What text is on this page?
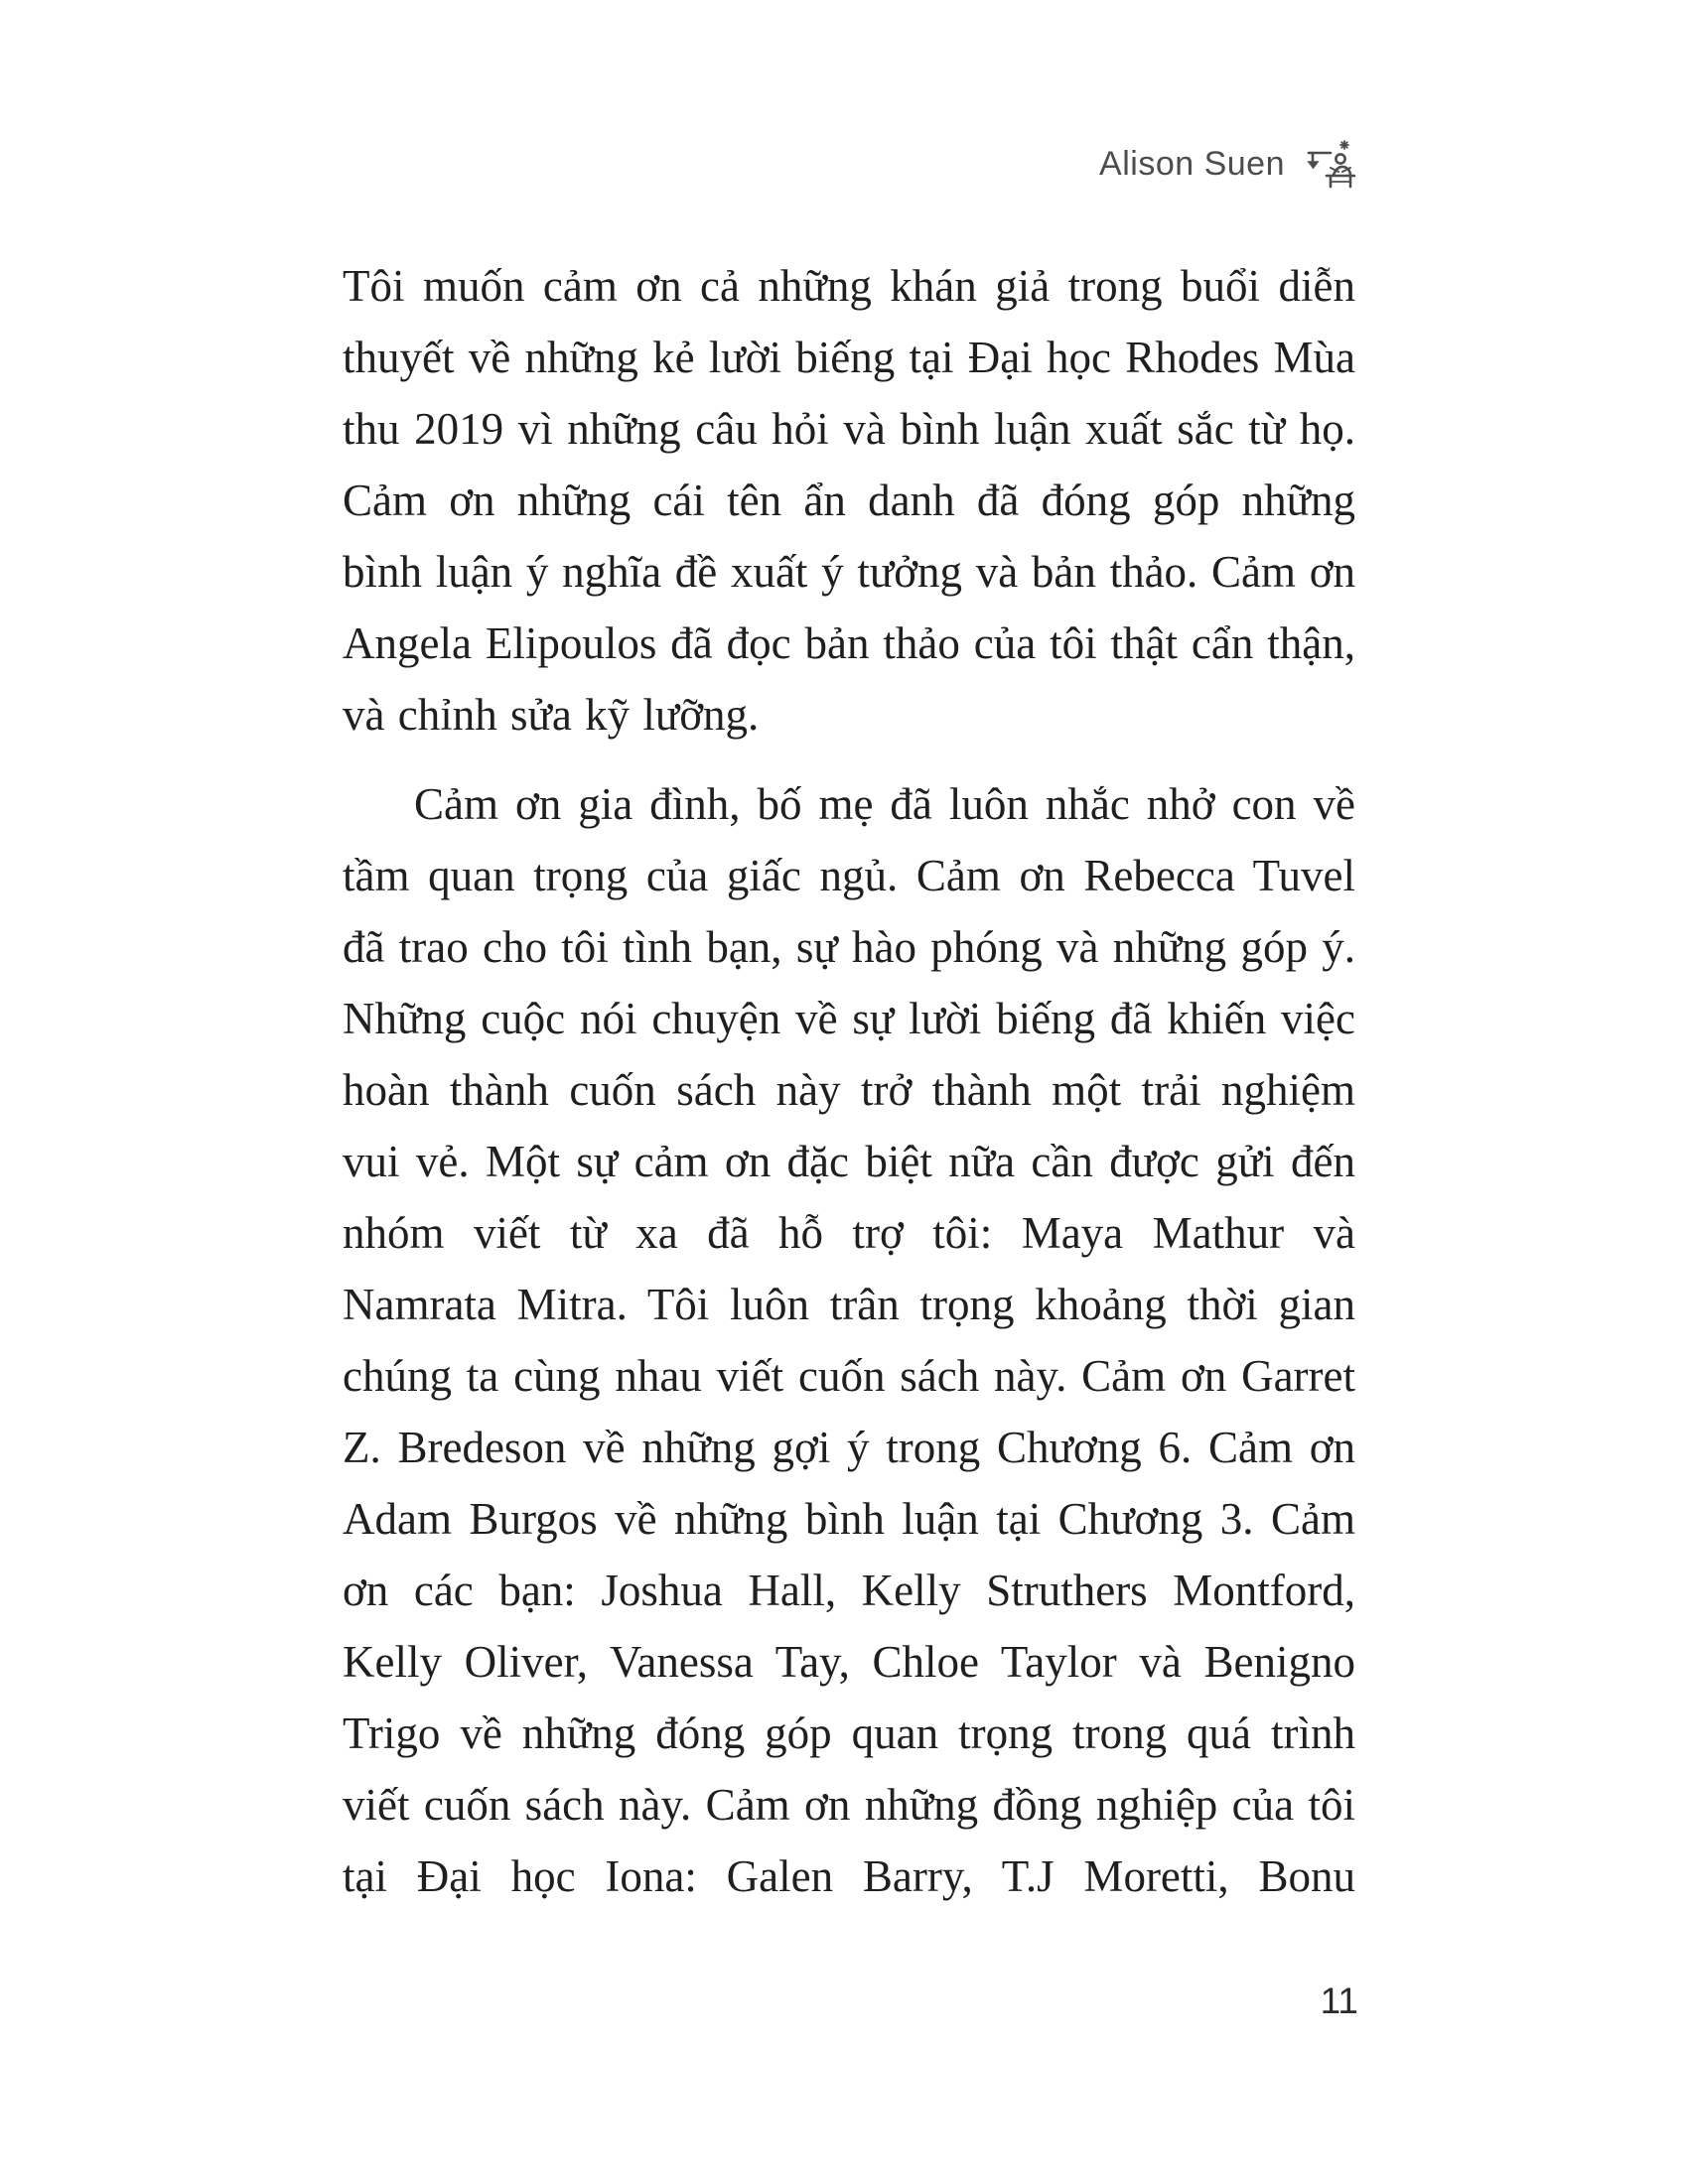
Alison Suen

Tôi muốn cảm ơn cả những khán giả trong buổi diễn thuyết về những kẻ lười biếng tại Đại học Rhodes Mùa thu 2019 vì những câu hỏi và bình luận xuất sắc từ họ. Cảm ơn những cái tên ẩn danh đã đóng góp những bình luận ý nghĩa đề xuất ý tưởng và bản thảo. Cảm ơn Angela Elipoulos đã đọc bản thảo của tôi thật cẩn thận, và chỉnh sửa kỹ lưỡng.

Cảm ơn gia đình, bố mẹ đã luôn nhắc nhở con về tầm quan trọng của giấc ngủ. Cảm ơn Rebecca Tuvel đã trao cho tôi tình bạn, sự hào phóng và những góp ý. Những cuộc nói chuyện về sự lười biếng đã khiến việc hoàn thành cuốn sách này trở thành một trải nghiệm vui vẻ. Một sự cảm ơn đặc biệt nữa cần được gửi đến nhóm viết từ xa đã hỗ trợ tôi: Maya Mathur và Namrata Mitra. Tôi luôn trân trọng khoảng thời gian chúng ta cùng nhau viết cuốn sách này. Cảm ơn Garret Z. Bredeson về những gợi ý trong Chương 6. Cảm ơn Adam Burgos về những bình luận tại Chương 3. Cảm ơn các bạn: Joshua Hall, Kelly Struthers Montford, Kelly Oliver, Vanessa Tay, Chloe Taylor và Benigno Trigo về những đóng góp quan trọng trong quá trình viết cuốn sách này. Cảm ơn những đồng nghiệp của tôi tại Đại học Iona: Galen Barry, T.J Moretti, Bonu

11
